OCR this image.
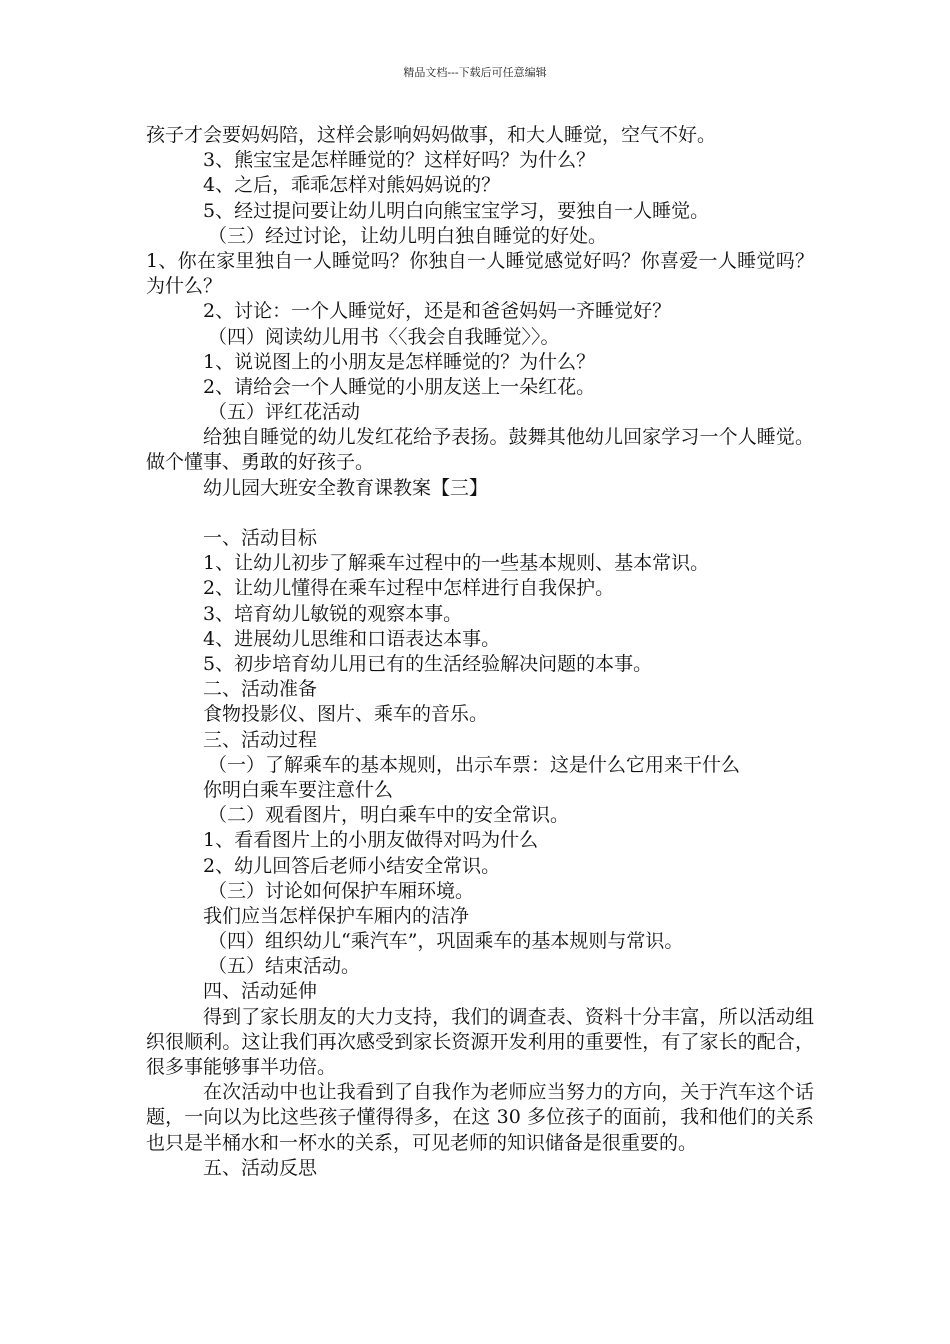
精品文档---下载后可任意编辑
孩子才会要妈妈陪，这样会影响妈妈做事，和大人睡觉，空气不好。
3、熊宝宝是怎样睡觉的？这样好吗？为什么？
4、之后，乖乖怎样对熊妈妈说的？
5、经过提问要让幼儿明白向熊宝宝学习，要独自一人睡觉。
（三）经过讨论，让幼儿明白独自睡觉的好处。
1、你在家里独自一人睡觉吗？你独自一人睡觉感觉好吗？你喜爱一人睡觉吗？为什么？
2、讨论：一个人睡觉好，还是和爸爸妈妈一齐睡觉好？
（四）阅读幼儿用书〈〈我会自我睡觉〉〉。
1、说说图上的小朋友是怎样睡觉的？为什么？
2、请给会一个人睡觉的小朋友送上一朵红花。
（五）评红花活动
给独自睡觉的幼儿发红花给予表扬。鼓舞其他幼儿回家学习一个人睡觉。做个懂事、勇敢的好孩子。
幼儿园大班安全教育课教案【三】
一、活动目标
1、让幼儿初步了解乘车过程中的一些基本规则、基本常识。
2、让幼儿懂得在乘车过程中怎样进行自我保护。
3、培育幼儿敏锐的观察本事。
4、进展幼儿思维和口语表达本事。
5、初步培育幼儿用已有的生活经验解决问题的本事。
二、活动准备
食物投影仪、图片、乘车的音乐。
三、活动过程
（一）了解乘车的基本规则，出示车票：这是什么它用来干什么
你明白乘车要注意什么
（二）观看图片，明白乘车中的安全常识。
1、看看图片上的小朋友做得对吗为什么
2、幼儿回答后老师小结安全常识。
（三）讨论如何保护车厢环境。
我们应当怎样保护车厢内的洁净
（四）组织幼儿“乘汽车”，巩固乘车的基本规则与常识。
（五）结束活动。
四、活动延伸
得到了家长朋友的大力支持，我们的调查表、资料十分丰富，所以活动组织很顺利。这让我们再次感受到家长资源开发利用的重要性，有了家长的配合，很多事能够事半功倍。
在次活动中也让我看到了自我作为老师应当努力的方向，关于汽车这个话题，一向以为比这些孩子懂得得多，在这 30 多位孩子的面前，我和他们的关系也只是半桶水和一杯水的关系，可见老师的知识储备是很重要的。
五、活动反思
